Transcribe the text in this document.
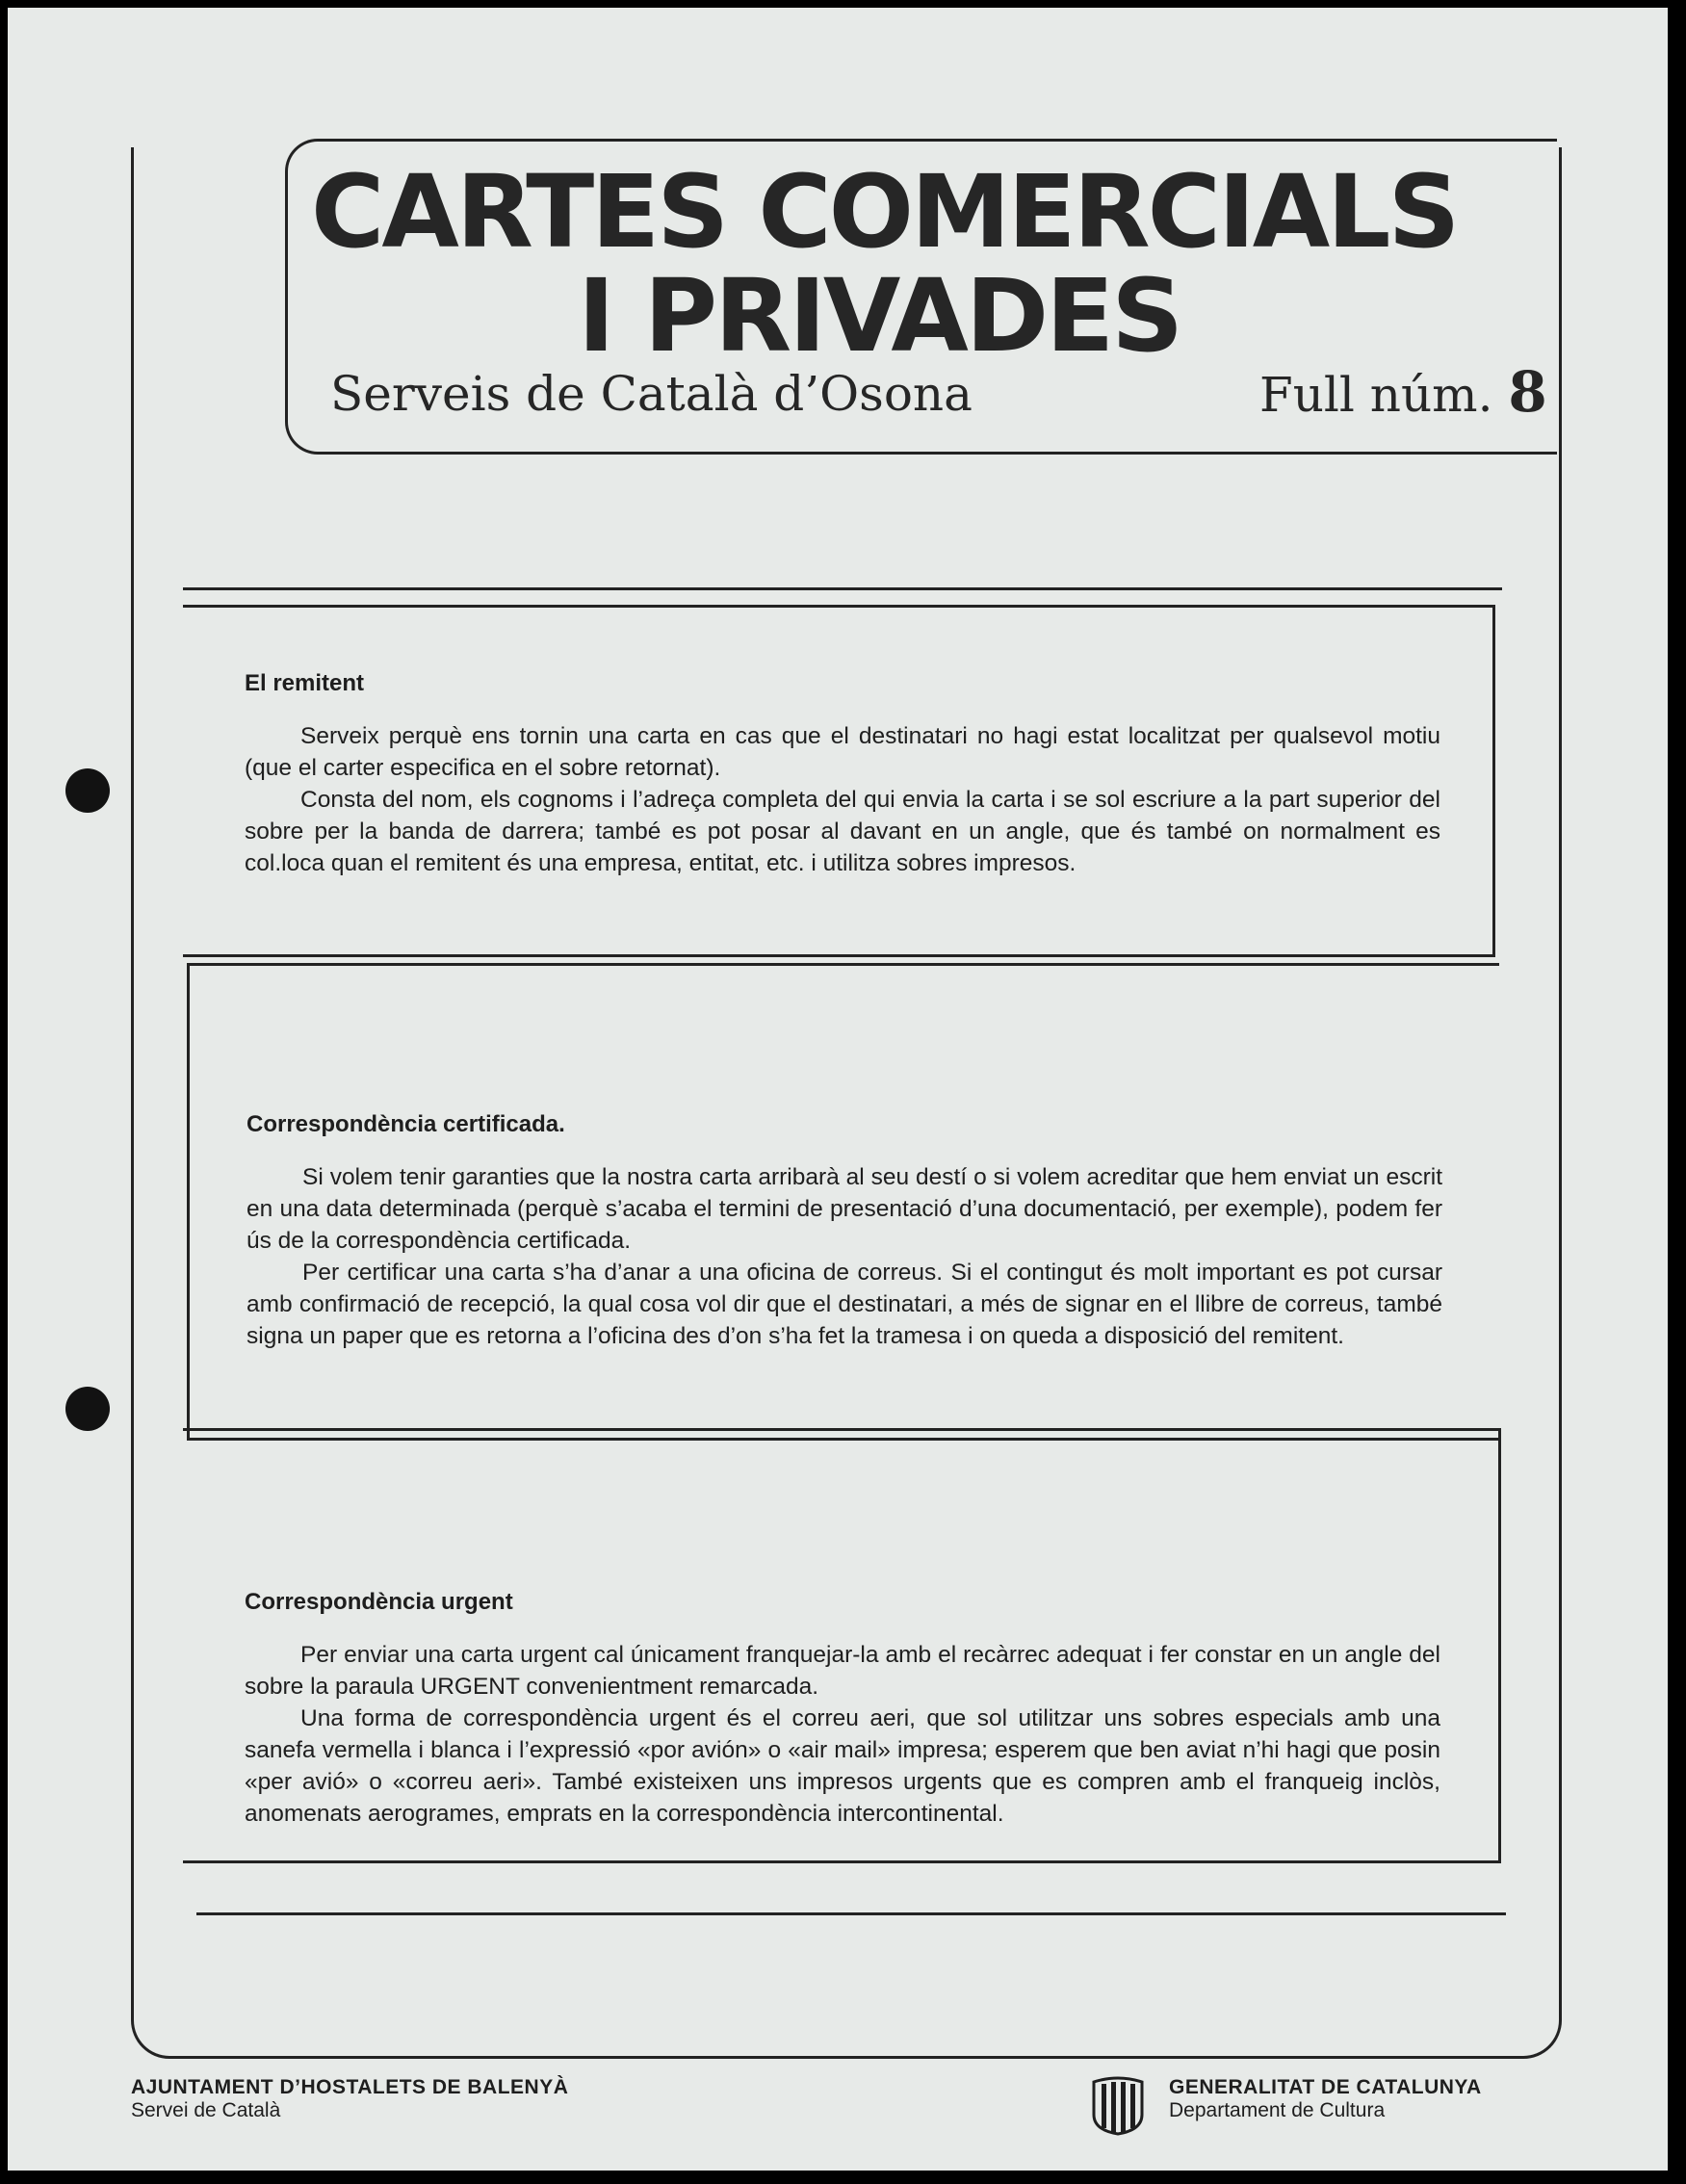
CARTES COMERCIALS
I PRIVADES
Serveis de Català d’Osona	Full núm. 8
El remitent

Serveix perquè ens tornin una carta en cas que el destinatari no hagi estat localitzat per qualsevol motiu (que el carter especifica en el sobre retornat).

Consta del nom, els cognoms i l’adreça completa del qui envia la carta i se sol escriure a la part superior del sobre per la banda de darrera; també es pot posar al davant en un angle, que és també on normalment es col.loca quan el remitent és una empresa, entitat, etc. i utilitza sobres impresos.

Correspondència certificada.

Si volem tenir garanties que la nostra carta arribarà al seu destí o si volem acreditar que hem enviat un escrit en una data determinada (perquè s’acaba el termini de presentació d’una documentació, per exemple), podem fer ús de la correspondència certificada.

Per certificar una carta s’ha d’anar a una oficina de correus. Si el contingut és molt important es pot cursar amb confirmació de recepció, la qual cosa vol dir que el destinatari, a més de signar en el llibre de correus, també signa un paper que es retorna a l’oficina des d’on s’ha fet la tramesa i on queda a disposició del remitent.

Correspondència urgent

Per enviar una carta urgent cal únicament franquejar-la amb el recàrrec adequat i fer constar en un angle del sobre la paraula URGENT convenientment remarcada.

Una forma de correspondència urgent és el correu aeri, que sol utilitzar uns sobres especials amb una sanefa vermella i blanca i l’expressió «por avión» o «air mail» impresa; esperem que ben aviat n’hi hagi que posin «per avió» o «correu aeri». També existeixen uns impresos urgents que es compren amb el franqueig inclòs, anomenats aerogrames, emprats en la correspondència intercontinental.

AJUNTAMENT D’HOSTALETS DE BALENYÀ
Servei de Català
GENERALITAT DE CATALUNYA
Departament de Cultura
